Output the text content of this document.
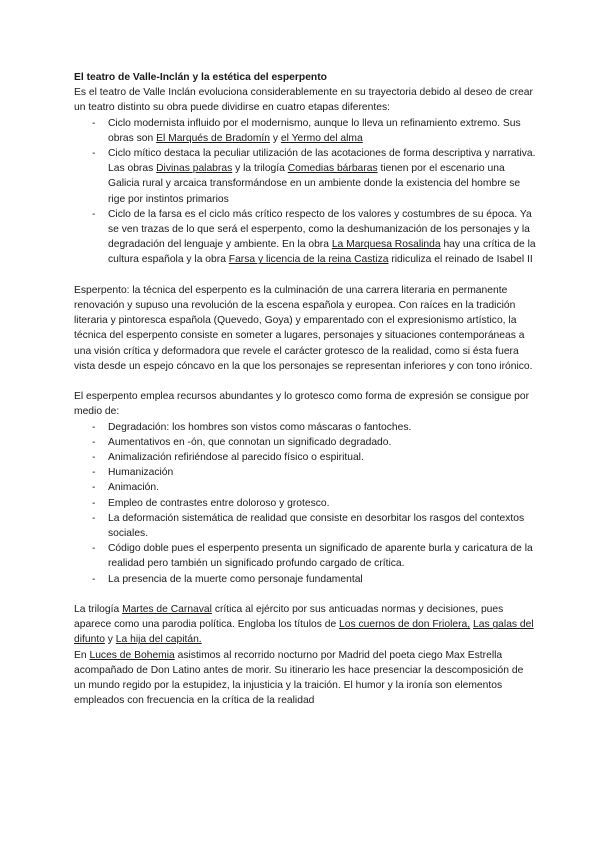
El teatro de Valle-Inclán y la estética del esperpento

Es el teatro de Valle Inclán evoluciona considerablemente en su trayectoria debido al deseo de crear un teatro distinto su obra puede dividirse en cuatro etapas diferentes:

- Ciclo modernista influido por el modernismo, aunque lo lleva un refinamiento extremo. Sus obras son El Marqués de Bradomín y el Yermo del alma
- Ciclo mítico destaca la peculiar utilización de las acotaciones de forma descriptiva y narrativa. Las obras Divinas palabras y la trilogía Comedias bárbaras tienen por el escenario una Galicia rural y arcaica transformándose en un ambiente donde la existencia del hombre se rige por instintos primarios
- Ciclo de la farsa es el ciclo más crítico respecto de los valores y costumbres de su época. Ya se ven trazas de lo que será el esperpento, como la deshumanización de los personajes y la degradación del lenguaje y ambiente. En la obra La Marquesa Rosalinda hay una crítica de la cultura española y la obra Farsa y licencia de la reina Castiza ridiculiza el reinado de Isabel II

Esperpento: la técnica del esperpento es la culminación de una carrera literaria en permanente renovación y supuso una revolución de la escena española y europea. Con raíces en la tradición literaria y pintoresca española (Quevedo, Goya) y emparentado con el expresionismo artístico, la técnica del esperpento consiste en someter a lugares, personajes y situaciones contemporáneas a una visión crítica y deformadora que revele el carácter grotesco de la realidad, como si ésta fuera vista desde un espejo cóncavo en la que los personajes se representan inferiores y con tono irónico.

El esperpento emplea recursos abundantes y lo grotesco como forma de expresión se consigue por medio de:

- Degradación: los hombres son vistos como máscaras o fantoches.
- Aumentativos en -ón, que connotan un significado degradado.
- Animalización refiriéndose al parecido físico o espiritual.
- Humanización
- Animación.
- Empleo de contrastes entre doloroso y grotesco.
- La deformación sistemática de realidad que consiste en desorbitar los rasgos del contextos sociales.
- Código doble pues el esperpento presenta un significado de aparente burla y caricatura de la realidad pero también un significado profundo cargado de crítica.
- La presencia de la muerte como personaje fundamental

La trilogía Martes de Carnaval crítica al ejército por sus anticuadas normas y decisiones, pues aparece como una parodia política. Engloba los títulos de Los cuernos de don Friolera, Las galas del difunto y La hija del capitán.

En Luces de Bohemia asistimos al recorrido nocturno por Madrid del poeta ciego Max Estrella acompañado de Don Latino antes de morir. Su itinerario les hace presenciar la descomposición de un mundo regido por la estupidez, la injusticia y la traición. El humor y la ironía son elementos empleados con frecuencia en la crítica de la realidad
